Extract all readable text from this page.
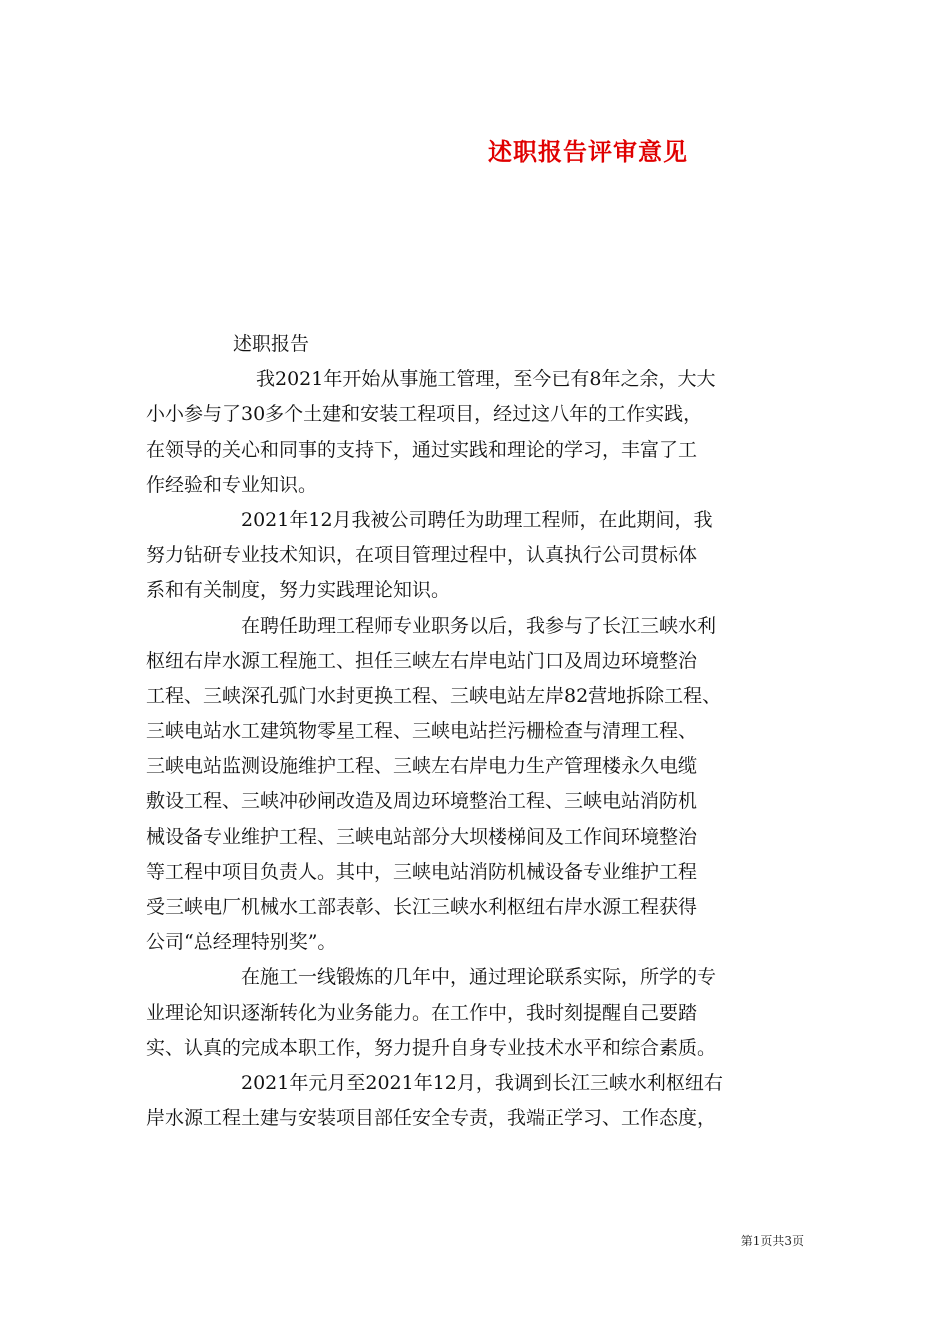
述职报告评审意见
述职报告
我2021年开始从事施工管理，至今已有8年之余，大大
小小参与了30多个土建和安装工程项目，经过这八年的工作实践，
在领导的关心和同事的支持下，通过实践和理论的学习，丰富了工
作经验和专业知识。
2021年12月我被公司聘任为助理工程师，在此期间，我
努力钻研专业技术知识，在项目管理过程中，认真执行公司贯标体
系和有关制度，努力实践理论知识。
在聘任助理工程师专业职务以后，我参与了长江三峡水利
枢纽右岸水源工程施工、担任三峡左右岸电站门口及周边环境整治
工程、三峡深孔弧门水封更换工程、三峡电站左岸82营地拆除工程、
三峡电站水工建筑物零星工程、三峡电站拦污栅检查与清理工程、
三峡电站监测设施维护工程、三峡左右岸电力生产管理楼永久电缆
敷设工程、三峡冲砂闸改造及周边环境整治工程、三峡电站消防机
械设备专业维护工程、三峡电站部分大坝楼梯间及工作间环境整治
等工程中项目负责人。其中，三峡电站消防机械设备专业维护工程
受三峡电厂机械水工部表彰、长江三峡水利枢纽右岸水源工程获得
公司“总经理特别奖”。
在施工一线锻炼的几年中，通过理论联系实际，所学的专
业理论知识逐渐转化为业务能力。在工作中，我时刻提醒自己要踏
实、认真的完成本职工作，努力提升自身专业技术水平和综合素质。
2021年元月至2021年12月，我调到长江三峡水利枢纽右
岸水源工程土建与安装项目部任安全专责，我端正学习、工作态度，
第1页共3页
